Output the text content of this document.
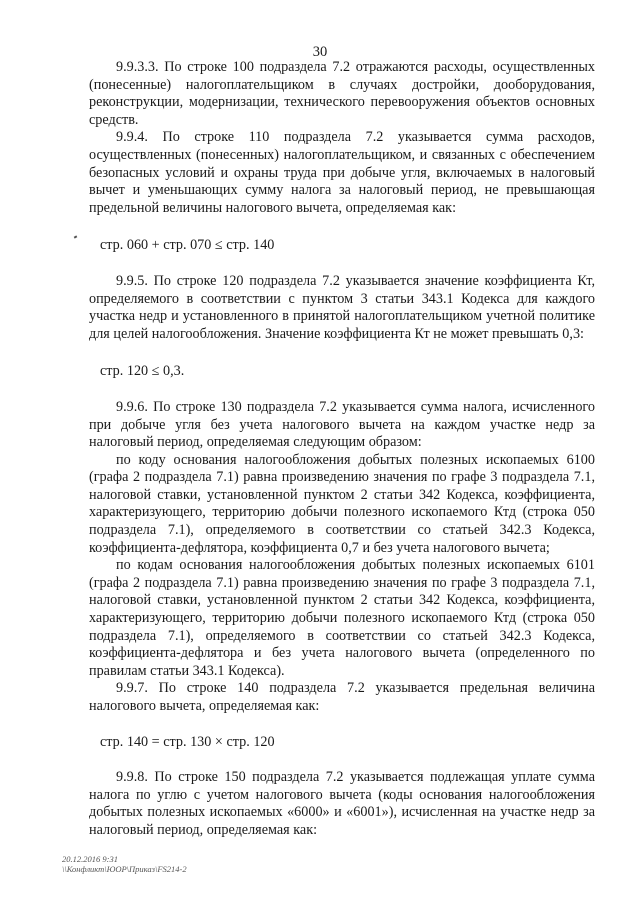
30

9.9.3.3. По строке 100 подраздела 7.2 отражаются расходы, осуществленных (понесенные) налогоплательщиком в случаях достройки, дооборудования, реконструкции, модернизации, технического перевооружения объектов основных средств.

9.9.4. По строке 110 подраздела 7.2 указывается сумма расходов, осуществленных (понесенных) налогоплательщиком, и связанных с обеспечением безопасных условий и охраны труда при добыче угля, включаемых в налоговый вычет и уменьшающих сумму налога за налоговый период, не превышающая предельной величины налогового вычета, определяемая как:

стр. 060 + стр. 070 ≤ стр. 140

9.9.5. По строке 120 подраздела 7.2 указывается значение коэффициента Кт, определяемого в соответствии с пунктом 3 статьи 343.1 Кодекса для каждого участка недр и установленного в принятой налогоплательщиком учетной политике для целей налогообложения. Значение коэффициента Кт не может превышать 0,3:

стр. 120 ≤ 0,3.

9.9.6. По строке 130 подраздела 7.2 указывается сумма налога, исчисленного при добыче угля без учета налогового вычета на каждом участке недр за налоговый период, определяемая следующим образом:

по коду основания налогообложения добытых полезных ископаемых 6100 (графа 2 подраздела 7.1) равна произведению значения по графе 3 подраздела 7.1, налоговой ставки, установленной пунктом 2 статьи 342 Кодекса, коэффициента, характеризующего, территорию добычи полезного ископаемого Ктд (строка 050 подраздела 7.1), определяемого в соответствии со статьей 342.3 Кодекса, коэффициента-дефлятора, коэффициента 0,7 и без учета налогового вычета;

по кодам основания налогообложения добытых полезных ископаемых 6101 (графа 2 подраздела 7.1) равна произведению значения по графе 3 подраздела 7.1, налоговой ставки, установленной пунктом 2 статьи 342 Кодекса, коэффициента, характеризующего, территорию добычи полезного ископаемого Ктд (строка 050 подраздела 7.1), определяемого в соответствии со статьей 342.3 Кодекса, коэффициента-дефлятора и без учета налогового вычета (определенного по правилам статьи 343.1 Кодекса).

9.9.7. По строке 140 подраздела 7.2 указывается предельная величина налогового вычета, определяемая как:

стр. 140 = стр. 130 × стр. 120

9.9.8. По строке 150 подраздела 7.2 указывается подлежащая уплате сумма налога по углю с учетом налогового вычета (коды основания налогообложения добытых полезных ископаемых «6000» и «6001»), исчисленная на участке недр за налоговый период, определяемая как:

20.12.2016 9:31
\\Конфликт\ЮОР\Приказ\FS214-2
